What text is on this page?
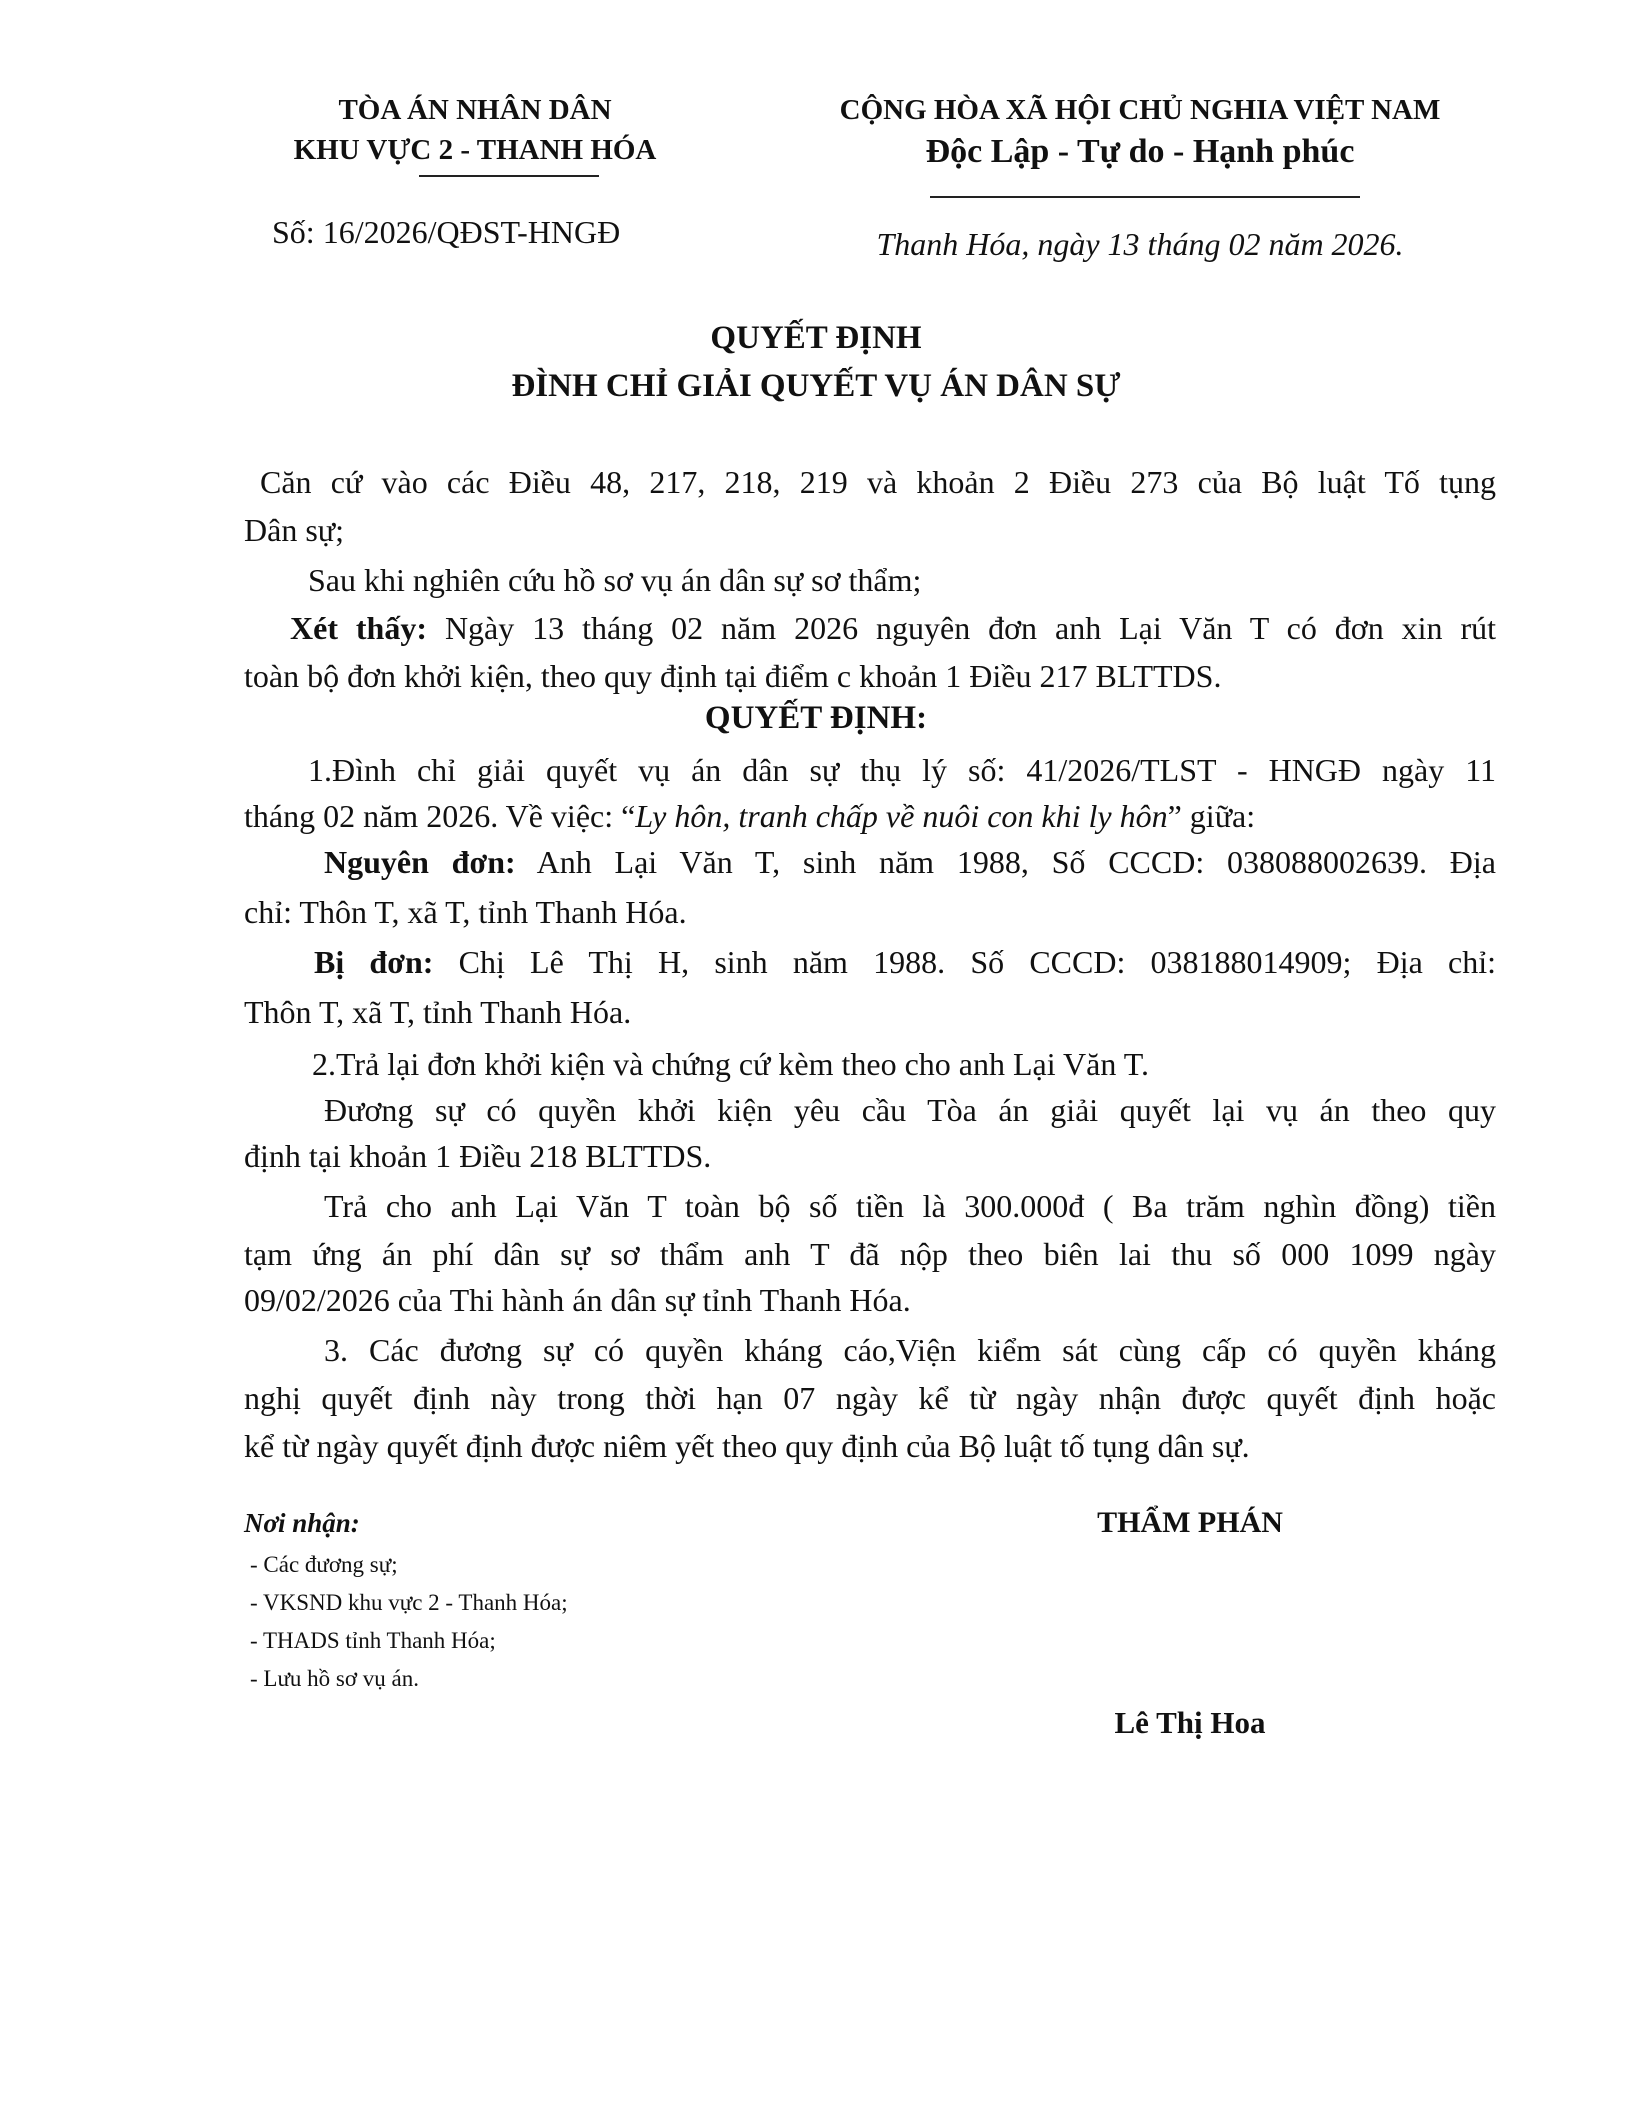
TÒA ÁN NHÂN DÂN
KHU VỰC 2 - THANH HÓA
Số: 16/2026/QĐST-HNGĐ
CỘNG HÒA XÃ HỘI CHỦ NGHIA VIỆT NAM
Độc Lập - Tự do - Hạnh phúc
Thanh Hóa, ngày 13 tháng 02 năm 2026.
QUYẾT ĐỊNH
ĐÌNH CHỈ GIẢI QUYẾT VỤ ÁN DÂN SỰ
Căn cứ vào các Điều 48, 217, 218, 219 và khoản 2 Điều 273 của Bộ luật Tố tụng
Dân sự;
Sau khi nghiên cứu hồ sơ vụ án dân sự sơ thẩm;
Xét thấy: Ngày 13 tháng 02 năm 2026 nguyên đơn anh Lại Văn T có đơn xin rút
toàn bộ đơn khởi kiện, theo quy định tại điểm c khoản 1 Điều 217 BLTTDS.
QUYẾT ĐỊNH:
1.Đình chỉ giải quyết vụ án dân sự thụ lý số: 41/2026/TLST - HNGĐ ngày 11
tháng 02 năm 2026. Về việc: “Ly hôn, tranh chấp về nuôi con khi ly hôn” giữa:
Nguyên đơn: Anh Lại Văn T, sinh năm 1988, Số CCCD: 038088002639. Địa
chỉ: Thôn T, xã T, tỉnh Thanh Hóa.
Bị đơn: Chị Lê Thị H, sinh năm 1988. Số CCCD: 038188014909; Địa chỉ:
Thôn T, xã T, tỉnh Thanh Hóa.
2.Trả lại đơn khởi kiện và chứng cứ kèm theo cho anh Lại Văn T.
Đương sự có quyền khởi kiện yêu cầu Tòa án giải quyết lại vụ án theo quy
định tại khoản 1 Điều 218 BLTTDS.
Trả cho anh Lại Văn T toàn bộ số tiền là 300.000đ ( Ba trăm nghìn đồng) tiền
tạm ứng án phí dân sự sơ thẩm anh T đã nộp theo biên lai thu số 000 1099 ngày
09/02/2026 của Thi hành án dân sự tỉnh Thanh Hóa.
3. Các đương sự có quyền kháng cáo,Viện kiểm sát cùng cấp có quyền kháng
nghị quyết định này trong thời hạn 07 ngày kể từ ngày nhận được quyết định hoặc
kể từ ngày quyết định được niêm yết theo quy định của Bộ luật tố tụng dân sự.
Nơi nhận:
- Các đương sự;
- VKSND khu vực 2 - Thanh Hóa;
- THADS tỉnh Thanh Hóa;
- Lưu hồ sơ vụ án.
THẨM PHÁN
Lê Thị Hoa
